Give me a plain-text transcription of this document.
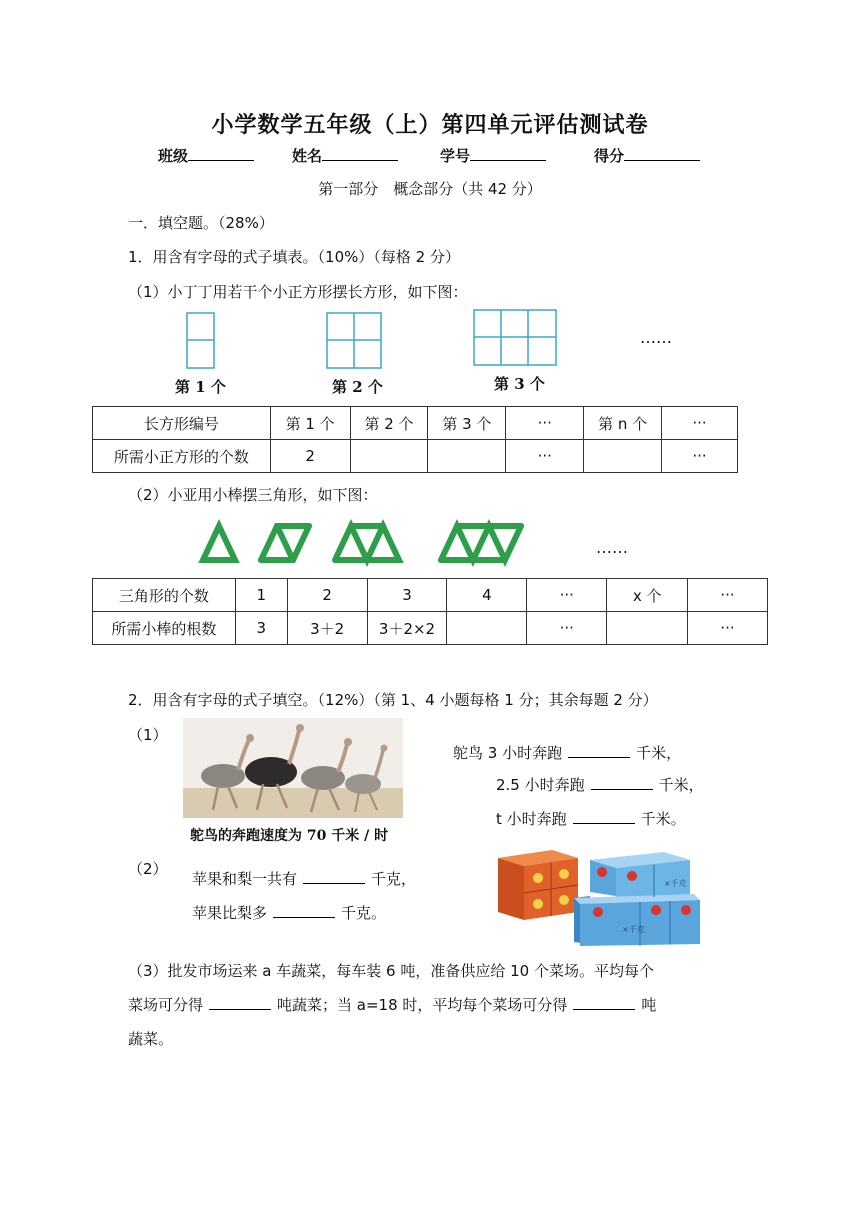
小学数学五年级（上）第四单元评估测试卷
班级	姓名	学号	得分
第一部分　概念部分（共 42 分）
一．填空题。（28%）
1．用含有字母的式子填表。（10%）（每格 2 分）
（1）小丁丁用若干个小正方形摆长方形，如下图：
第 1 个	第 2 个	第 3 个
……
长方形编号	第 1 个	第 2 个	第 3 个	···	第 n 个	···
所需小正方形的个数	2			···		···
（2）小亚用小棒摆三角形，如下图：
……
三角形的个数	1	2	3	4	···	x 个	···
所需小棒的根数	3	3＋2	3＋2×2		···		···
2．用含有字母的式子填空。（12%）（第 1、4 小题每格 1 分；其余每题 2 分）
（1）
鸵鸟的奔跑速度为 70 千米 / 时
鸵鸟 3 小时奔跑	千米，
2.5 小时奔跑	千米，
t 小时奔跑	千米。
（2）
苹果和梨一共有	千克，
苹果比梨多	千克。
×千克
×千克
（3）批发市场运来 a 车蔬菜，每车装 6 吨，准备供应给 10 个菜场。平均每个
菜场可分得	吨蔬菜；当 a=18 时，平均每个菜场可分得	吨
蔬菜。
